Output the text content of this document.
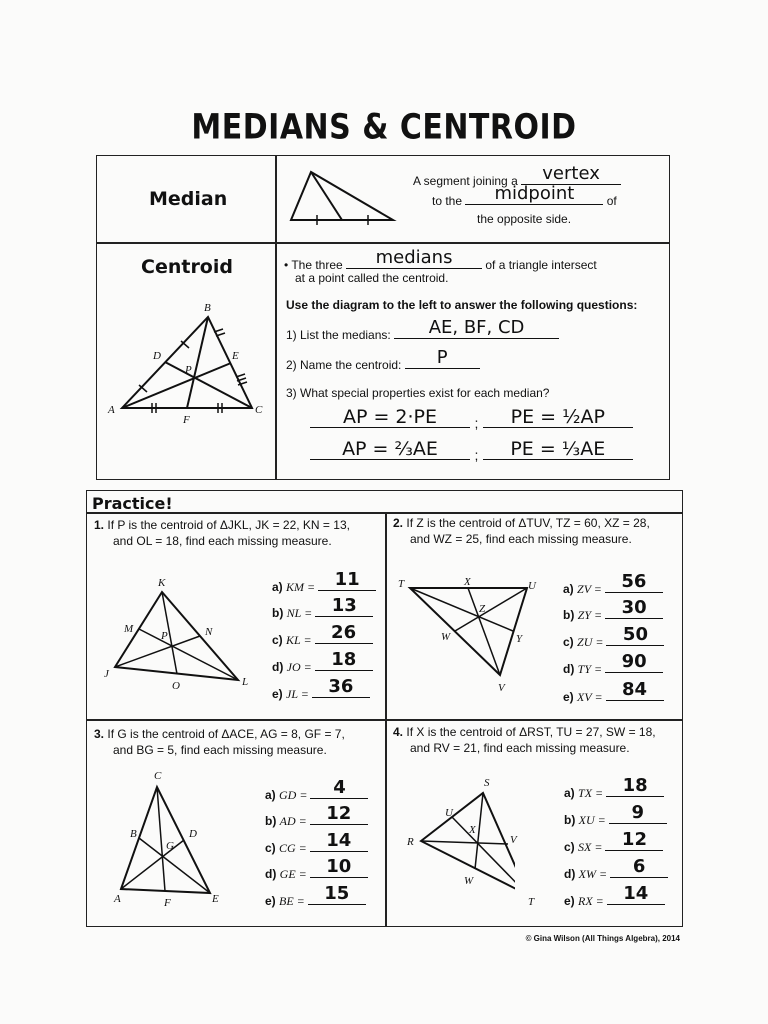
MEDIANS & CENTROID
Median
A segment joining a	vertex
to the	midpoint	of
the opposite side.
Centroid
B
D	E
P
A	C
F
• The three	medians	of a triangle intersect
at a point called the centroid.
Use the diagram to the left to answer the following questions:
1) List the medians:	AE, BF, CD
2) Name the centroid:	P
3) What special properties exist for each median?
AP = 2·PE	;	PE = ½AP
AP = ⅔AE	;	PE = ⅓AE
Practice!
1. If P is the centroid of ΔJKL, JK = 22, KN = 13,
and OL = 18, find each missing measure.
K
M	N
P
J
O	L
a) KM =	11
b) NL =	13
c) KL =	26
d) JO =	18
e) JL =	36
2. If Z is the centroid of ΔTUV, TZ = 60, XZ = 28,
and WZ = 25, find each missing measure.
T	X	U
Z
W	Y
V
a) ZV =	56
b) ZY =	30
c) ZU =	50
d) TY =	90
e) XV =	84
3. If G is the centroid of ΔACE, AG = 8, GF = 7,
and BG = 5, find each missing measure.
C
B	D
G
A	F	E
a) GD =	4
b) AD =	12
c) CG =	14
d) GE =	10
e) BE =	15
4. If X is the centroid of ΔRST, TU = 27, SW = 18,
and RV = 21, find each missing measure.
S
U
X
R	V
W
T
a) TX =	18
b) XU =	9
c) SX =	12
d) XW =	6
e) RX =	14
© Gina Wilson (All Things Algebra), 2014
